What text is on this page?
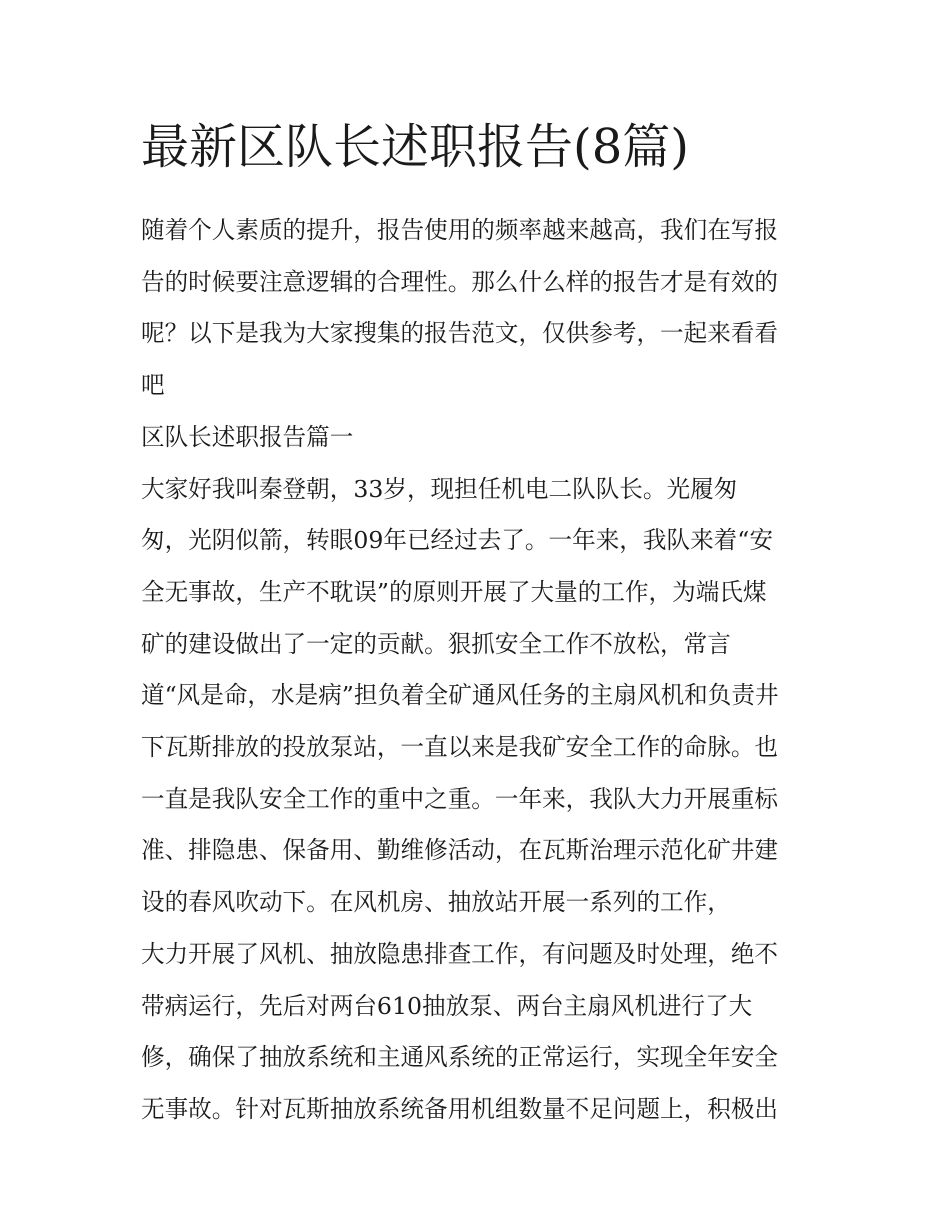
最新区队长述职报告(8篇)

随着个人素质的提升，报告使用的频率越来越高，我们在写报

告的时候要注意逻辑的合理性。那么什么样的报告才是有效的

呢？以下是我为大家搜集的报告范文，仅供参考，一起来看看

吧

区队长述职报告篇一

大家好我叫秦登朝，33岁，现担任机电二队队长。光履匆

匆，光阴似箭，转眼09年已经过去了。一年来，我队来着“安

全无事故，生产不耽误”的原则开展了大量的工作，为端氏煤

矿的建设做出了一定的贡献。狠抓安全工作不放松，常言

道“风是命，水是病”担负着全矿通风任务的主扇风机和负责井

下瓦斯排放的投放泵站，一直以来是我矿安全工作的命脉。也

一直是我队安全工作的重中之重。一年来，我队大力开展重标

准、排隐患、保备用、勤维修活动，在瓦斯治理示范化矿井建

设的春风吹动下。在风机房、抽放站开展一系列的工作，

大力开展了风机、抽放隐患排查工作，有问题及时处理，绝不

带病运行，先后对两台610抽放泵、两台主扇风机进行了大

修，确保了抽放系统和主通风系统的正常运行，实现全年安全

无事故。针对瓦斯抽放系统备用机组数量不足问题上，积极出
